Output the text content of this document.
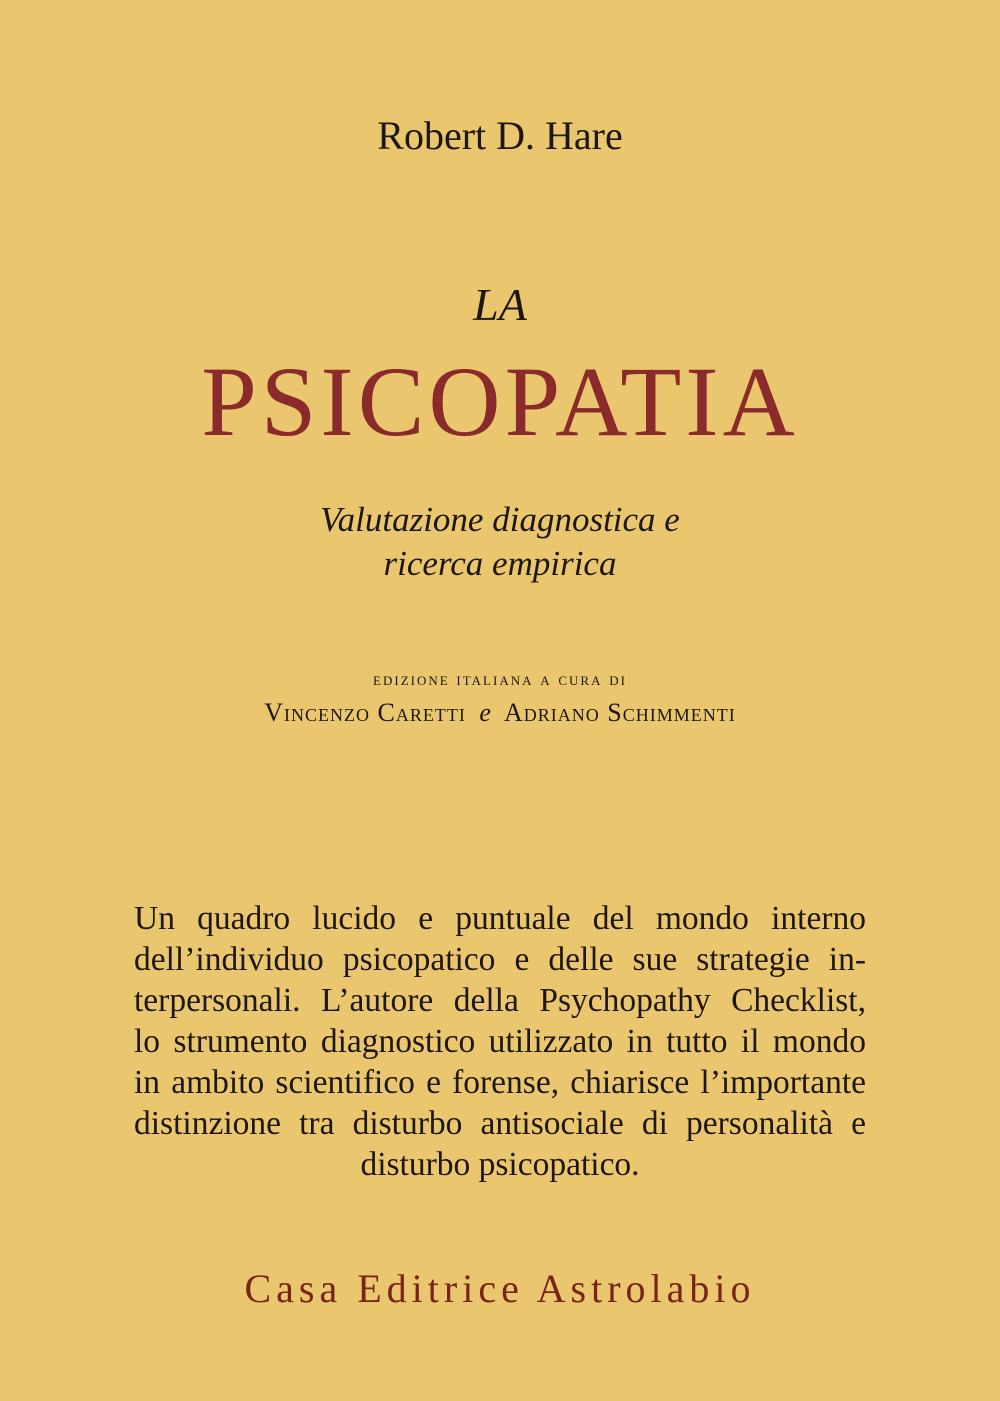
Robert D. Hare
LA
PSICOPATIA
Valutazione diagnostica e
ricerca empirica
edizione italiana a cura di
Vincenzo Caretti e Adriano Schimmenti
Un quadro lucido e puntuale del mondo interno
dell’individuo psicopatico e delle sue strategie in-
terpersonali. L’autore della Psychopathy Checklist,
lo strumento diagnostico utilizzato in tutto il mondo
in ambito scientifico e forense, chiarisce l’importante
distinzione tra disturbo antisociale di personalità e
disturbo psicopatico.
Casa Editrice Astrolabio
